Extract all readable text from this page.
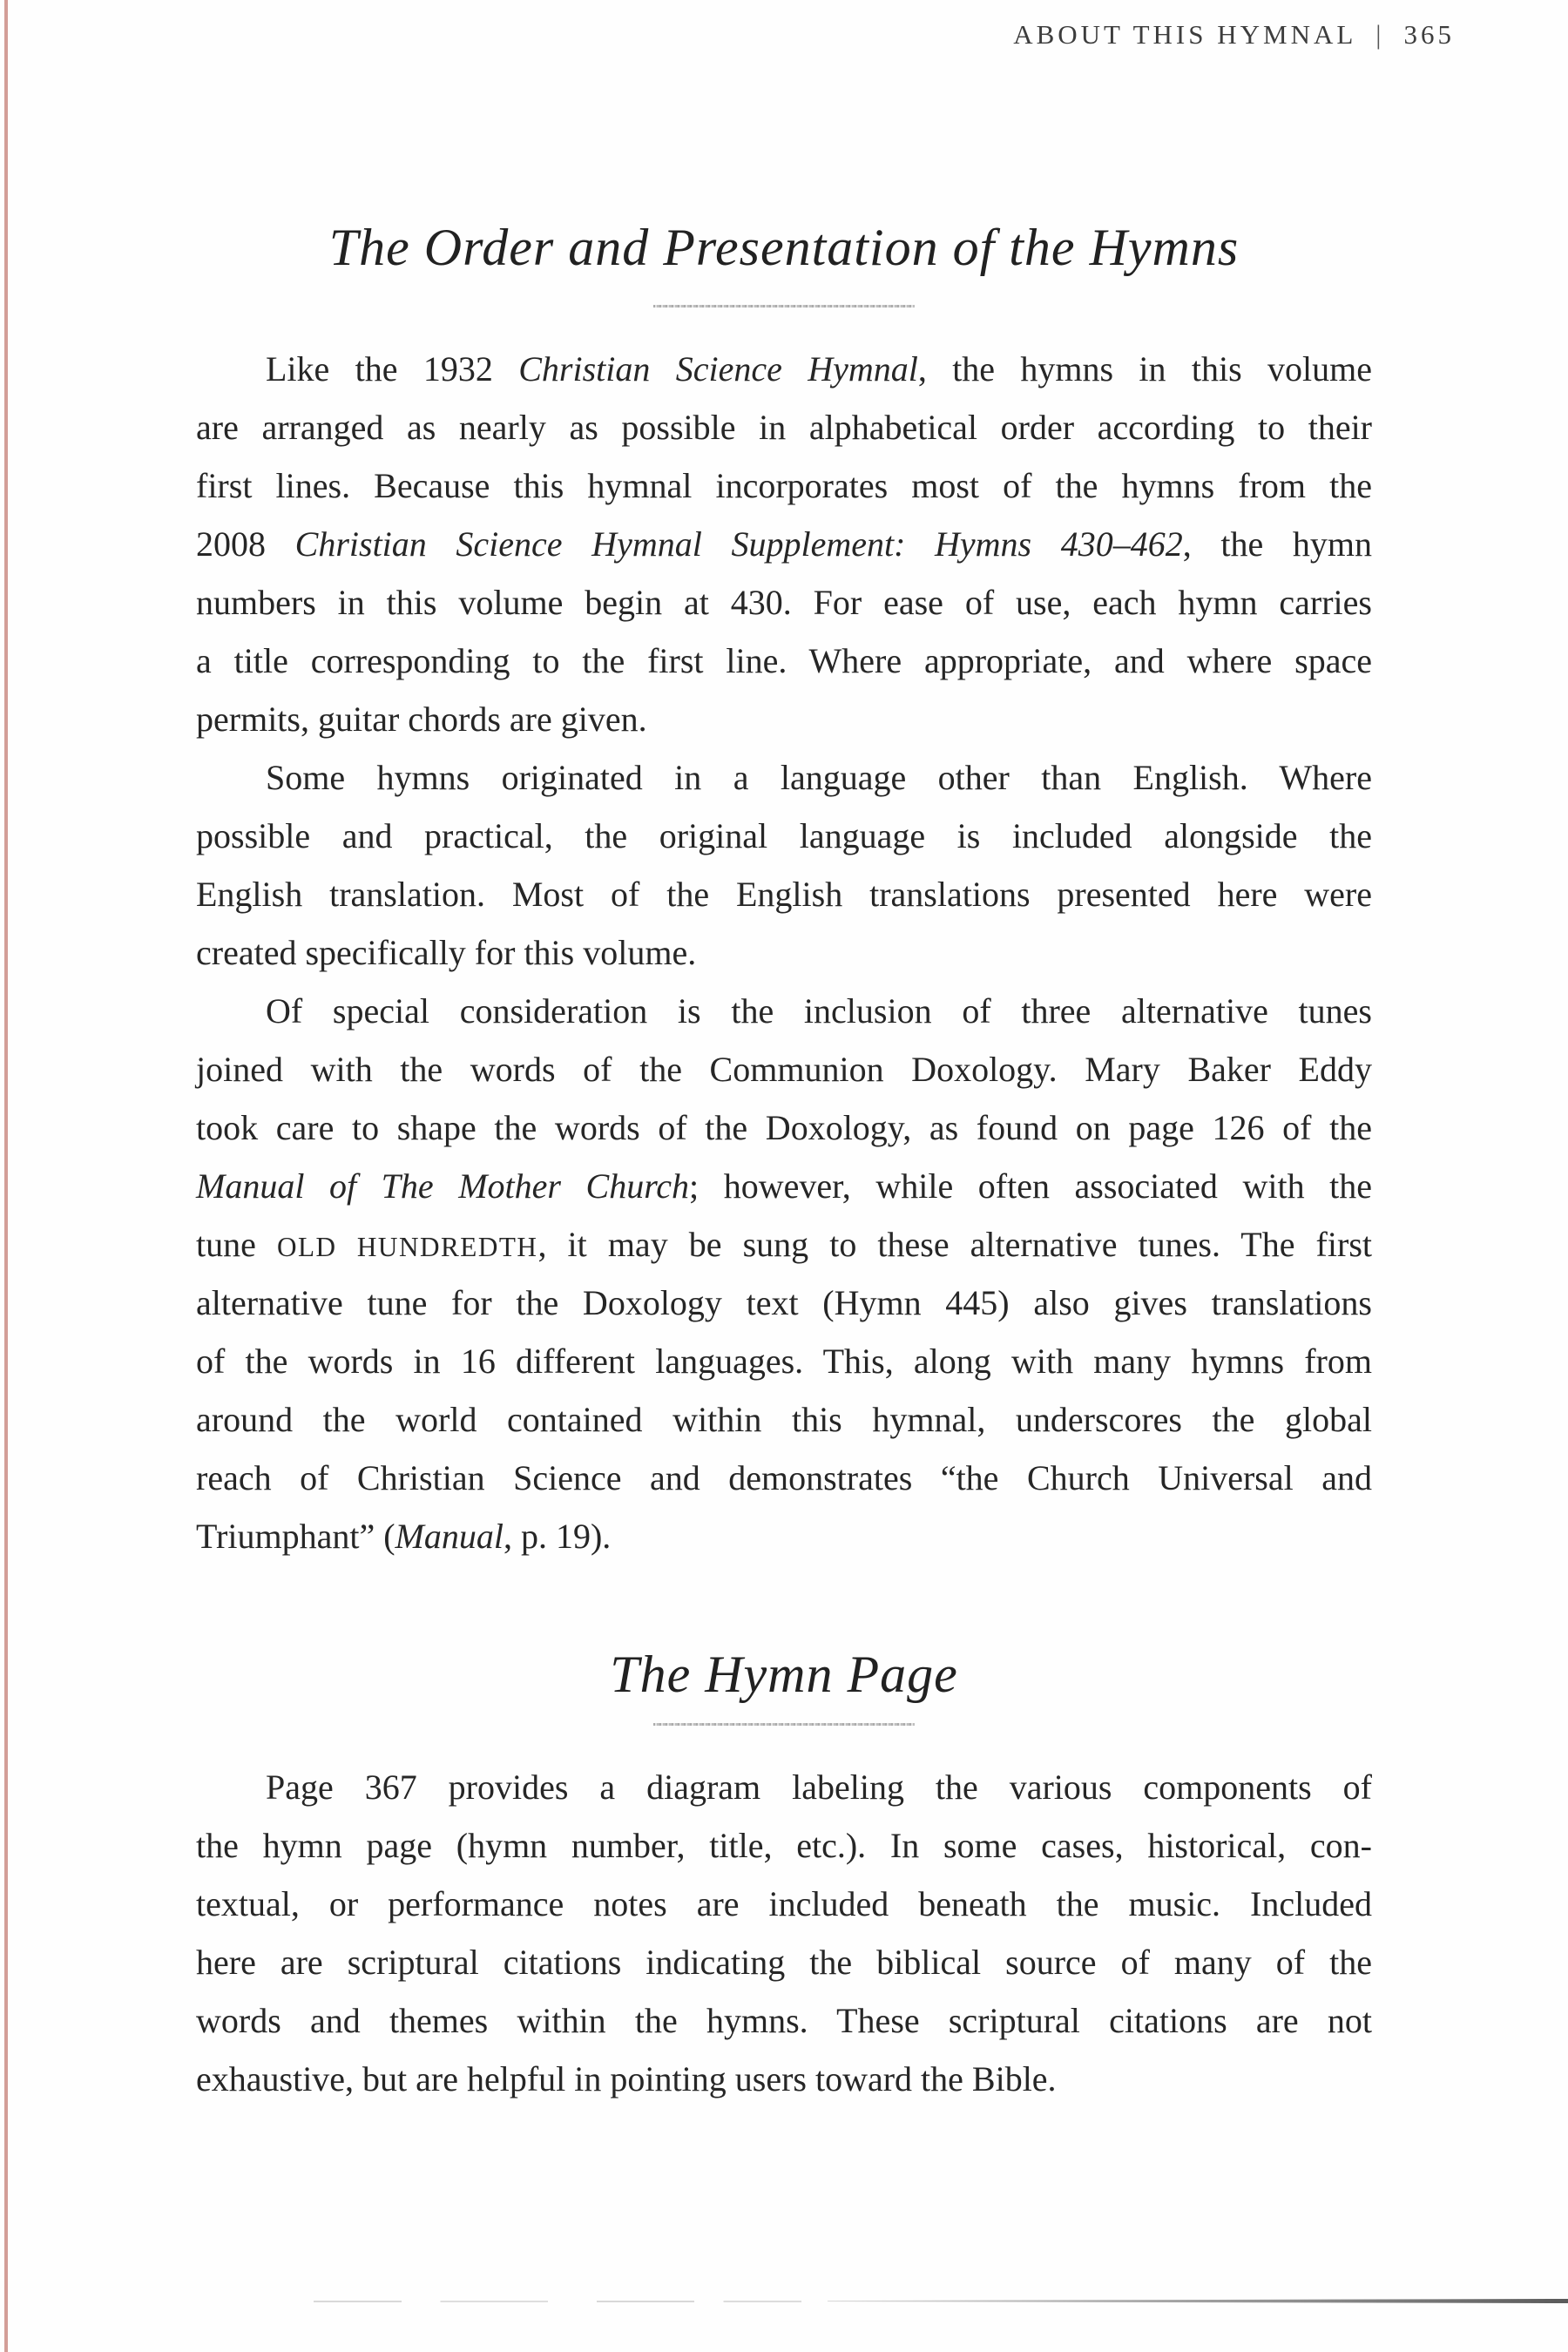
ABOUT THIS HYMNAL | 365
The Order and Presentation of the Hymns
Like the 1932 Christian Science Hymnal, the hymns in this volume
are arranged as nearly as possible in alphabetical order according to their
first lines. Because this hymnal incorporates most of the hymns from the
2008 Christian Science Hymnal Supplement: Hymns 430–462, the hymn
numbers in this volume begin at 430. For ease of use, each hymn carries
a title corresponding to the first line. Where appropriate, and where space
permits, guitar chords are given.
Some hymns originated in a language other than English. Where
possible and practical, the original language is included alongside the
English translation. Most of the English translations presented here were
created specifically for this volume.
Of special consideration is the inclusion of three alternative tunes
joined with the words of the Communion Doxology. Mary Baker Eddy
took care to shape the words of the Doxology, as found on page 126 of the
Manual of The Mother Church; however, while often associated with the
tune OLD HUNDREDTH, it may be sung to these alternative tunes. The first
alternative tune for the Doxology text (Hymn 445) also gives translations
of the words in 16 different languages. This, along with many hymns from
around the world contained within this hymnal, underscores the global
reach of Christian Science and demonstrates “the Church Universal and
Triumphant” (Manual, p. 19).
The Hymn Page
Page 367 provides a diagram labeling the various components of
the hymn page (hymn number, title, etc.). In some cases, historical, con-
textual, or performance notes are included beneath the music. Included
here are scriptural citations indicating the biblical source of many of the
words and themes within the hymns. These scriptural citations are not
exhaustive, but are helpful in pointing users toward the Bible.
